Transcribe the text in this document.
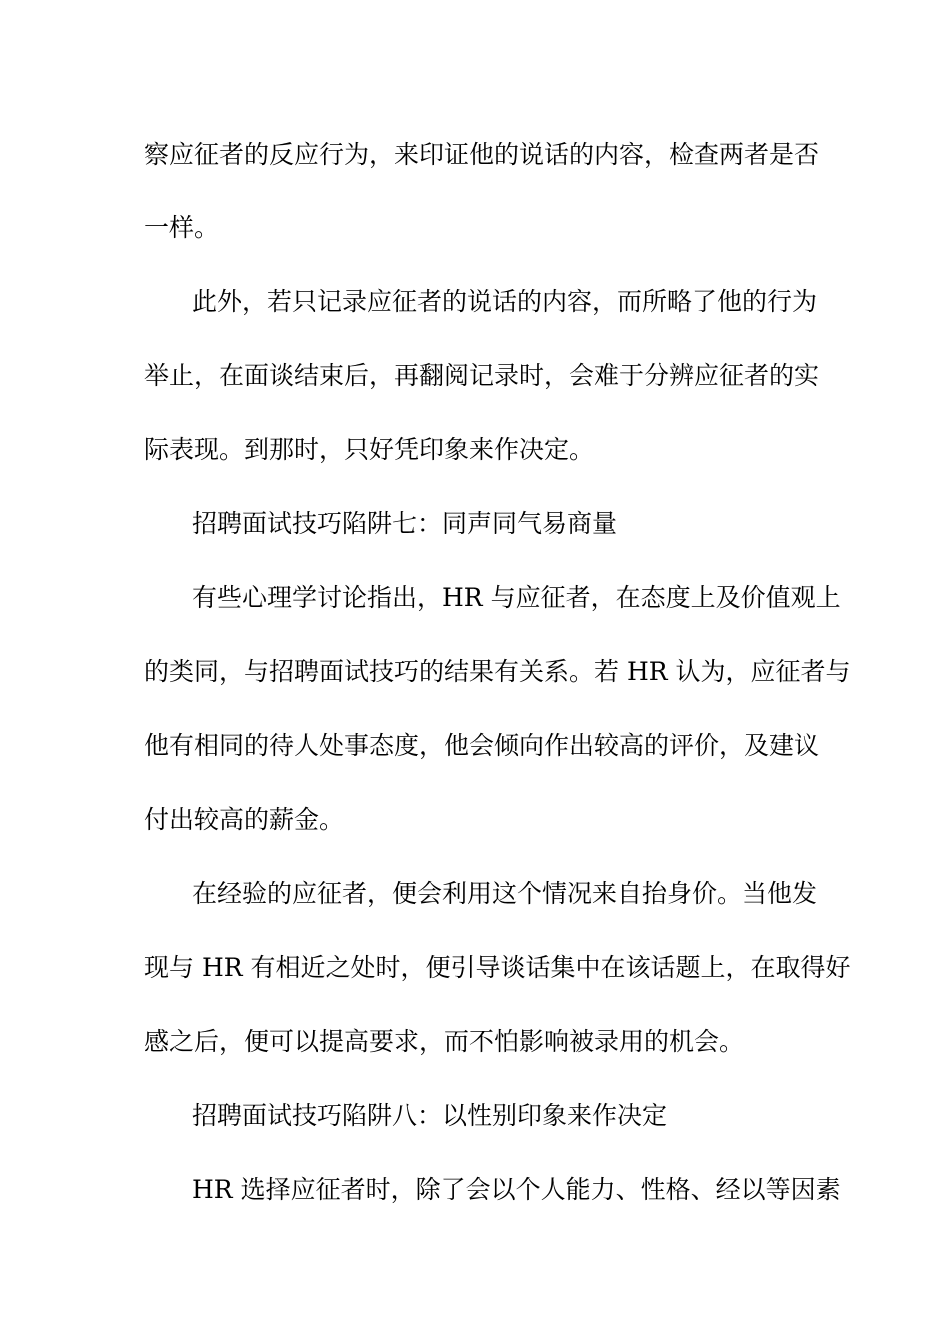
察应征者的反应行为，来印证他的说话的内容，检查两者是否
一样。
此外，若只记录应征者的说话的内容，而所略了他的行为
举止，在面谈结束后，再翻阅记录时，会难于分辨应征者的实
际表现。到那时，只好凭印象来作决定。
招聘面试技巧陷阱七：同声同气易商量
有些心理学讨论指出，HR 与应征者，在态度上及价值观上
的类同，与招聘面试技巧的结果有关系。若 HR 认为，应征者与
他有相同的待人处事态度，他会倾向作出较高的评价，及建议
付出较高的薪金。
在经验的应征者，便会利用这个情况来自抬身价。当他发
现与 HR 有相近之处时，便引导谈话集中在该话题上，在取得好
感之后，便可以提高要求，而不怕影响被录用的机会。
招聘面试技巧陷阱八：以性别印象来作决定
HR 选择应征者时，除了会以个人能力、性格、经以等因素
